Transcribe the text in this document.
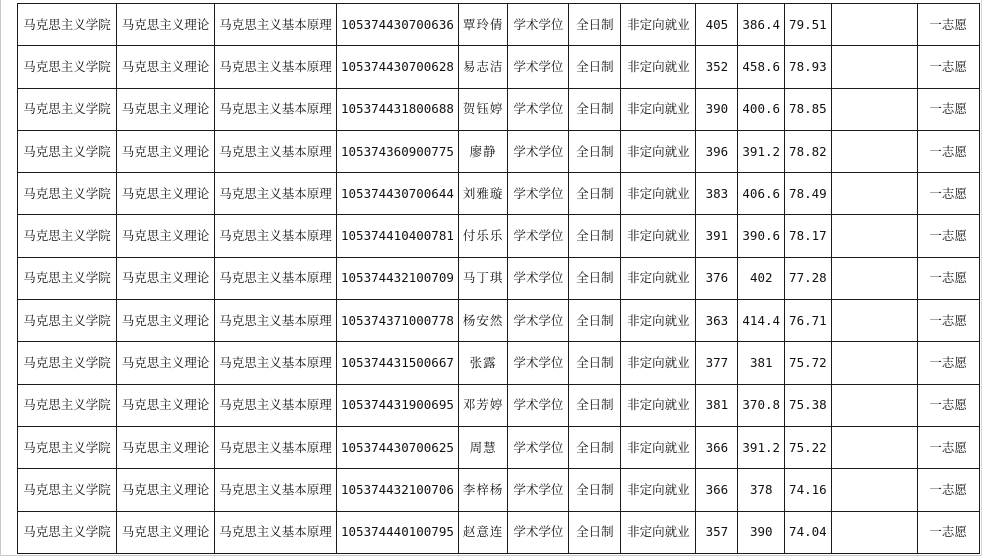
马克思主义学院	马克思主义理论	马克思主义基本原理	105374430700636	覃玲倩	学术学位	全日制	非定向就业	405	386.4	79.51		一志愿
马克思主义学院	马克思主义理论	马克思主义基本原理	105374430700628	易志洁	学术学位	全日制	非定向就业	352	458.6	78.93		一志愿
马克思主义学院	马克思主义理论	马克思主义基本原理	105374431800688	贺钰婷	学术学位	全日制	非定向就业	390	400.6	78.85		一志愿
马克思主义学院	马克思主义理论	马克思主义基本原理	105374360900775	廖静	学术学位	全日制	非定向就业	396	391.2	78.82		一志愿
马克思主义学院	马克思主义理论	马克思主义基本原理	105374430700644	刘雅璇	学术学位	全日制	非定向就业	383	406.6	78.49		一志愿
马克思主义学院	马克思主义理论	马克思主义基本原理	105374410400781	付乐乐	学术学位	全日制	非定向就业	391	390.6	78.17		一志愿
马克思主义学院	马克思主义理论	马克思主义基本原理	105374432100709	马丁琪	学术学位	全日制	非定向就业	376	402	77.28		一志愿
马克思主义学院	马克思主义理论	马克思主义基本原理	105374371000778	杨安然	学术学位	全日制	非定向就业	363	414.4	76.71		一志愿
马克思主义学院	马克思主义理论	马克思主义基本原理	105374431500667	张露	学术学位	全日制	非定向就业	377	381	75.72		一志愿
马克思主义学院	马克思主义理论	马克思主义基本原理	105374431900695	邓芳婷	学术学位	全日制	非定向就业	381	370.8	75.38		一志愿
马克思主义学院	马克思主义理论	马克思主义基本原理	105374430700625	周慧	学术学位	全日制	非定向就业	366	391.2	75.22		一志愿
马克思主义学院	马克思主义理论	马克思主义基本原理	105374432100706	李梓杨	学术学位	全日制	非定向就业	366	378	74.16		一志愿
马克思主义学院	马克思主义理论	马克思主义基本原理	105374440100795	赵意连	学术学位	全日制	非定向就业	357	390	74.04		一志愿
